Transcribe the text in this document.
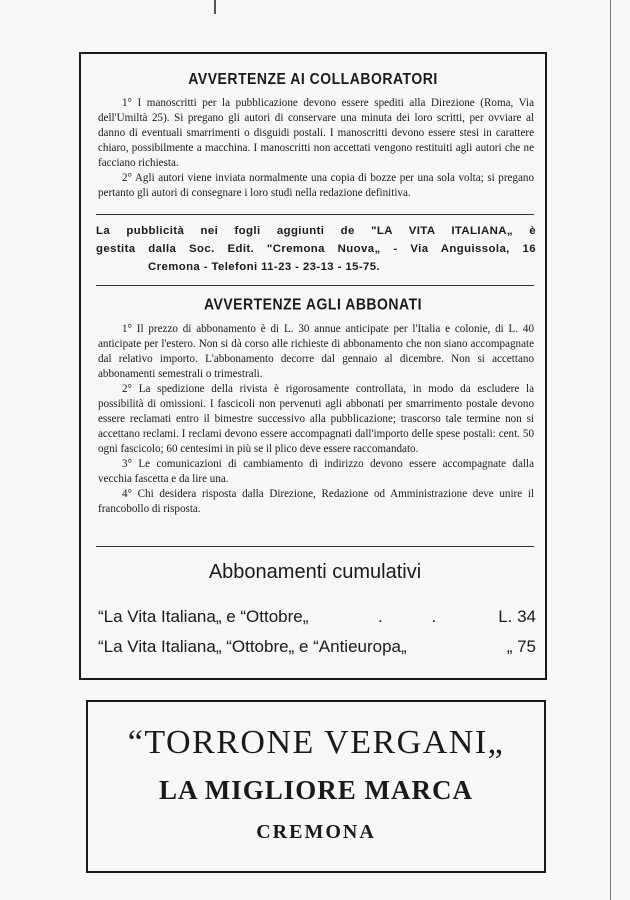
AVVERTENZE AI COLLABORATORI

1° I manoscritti per la pubblicazione devono essere spediti alla Direzione (Roma, Via dell'Umiltà 25). Si pregano gli autori di conservare una minuta dei loro scritti, per ovviare al danno di eventuali smarrimenti o disguidi postali. I manoscritti devono essere stesi in carattere chiaro, possibilmente a macchina. I manoscritti non accettati vengono restituiti agli autori che ne facciano richiesta.

2° Agli autori viene inviata normalmente una copia di bozze per una sola volta; si pregano pertanto gli autori di consegnare i loro studi nella redazione definitiva.

La pubblicità nei fogli aggiunti de "LA VITA ITALIANA„ è
gestita dalla Soc. Edit. "Cremona Nuova„ - Via Anguissola, 16
Cremona - Telefoni 11-23 - 23-13 - 15-75.
AVVERTENZE AGLI ABBONATI

1° Il prezzo di abbonamento è di L. 30 annue anticipate per l'Italia e colonie, di L. 40 anticipate per l'estero. Non si dà corso alle richieste di abbonamento che non siano accompagnate dal relativo importo. L'abbonamento decorre dal gennaio al dicembre. Non si accettano abbonamenti semestrali o trimestrali.

2° La spedizione della rivista è rigorosamente controllata, in modo da escludere la possibilità di omissioni. I fascicoli non pervenuti agli abbonati per smarrimento postale devono essere reclamati entro il bimestre successivo alla pubblicazione; trascorso tale termine non si accettano reclami. I reclami devono essere accompagnati dall'importo delle spese postali: cent. 50 ogni fascicolo; 60 centesimi in più se il plico deve essere raccomandato.

3° Le comunicazioni di cambiamento di indirizzo devono essere accompagnate dalla vecchia fascetta e da lire una.

4° Chi desidera risposta dalla Direzione, Redazione od Amministrazione deve unire il francobollo di risposta.

Abbonamenti cumulativi
“La Vita Italiana„ e “Ottobre„	. . L. 34
“La Vita Italiana„ “Ottobre„ e “Antieuropa„	„ 75
“TORRONE VERGANI„
LA MIGLIORE MARCA
CREMONA
